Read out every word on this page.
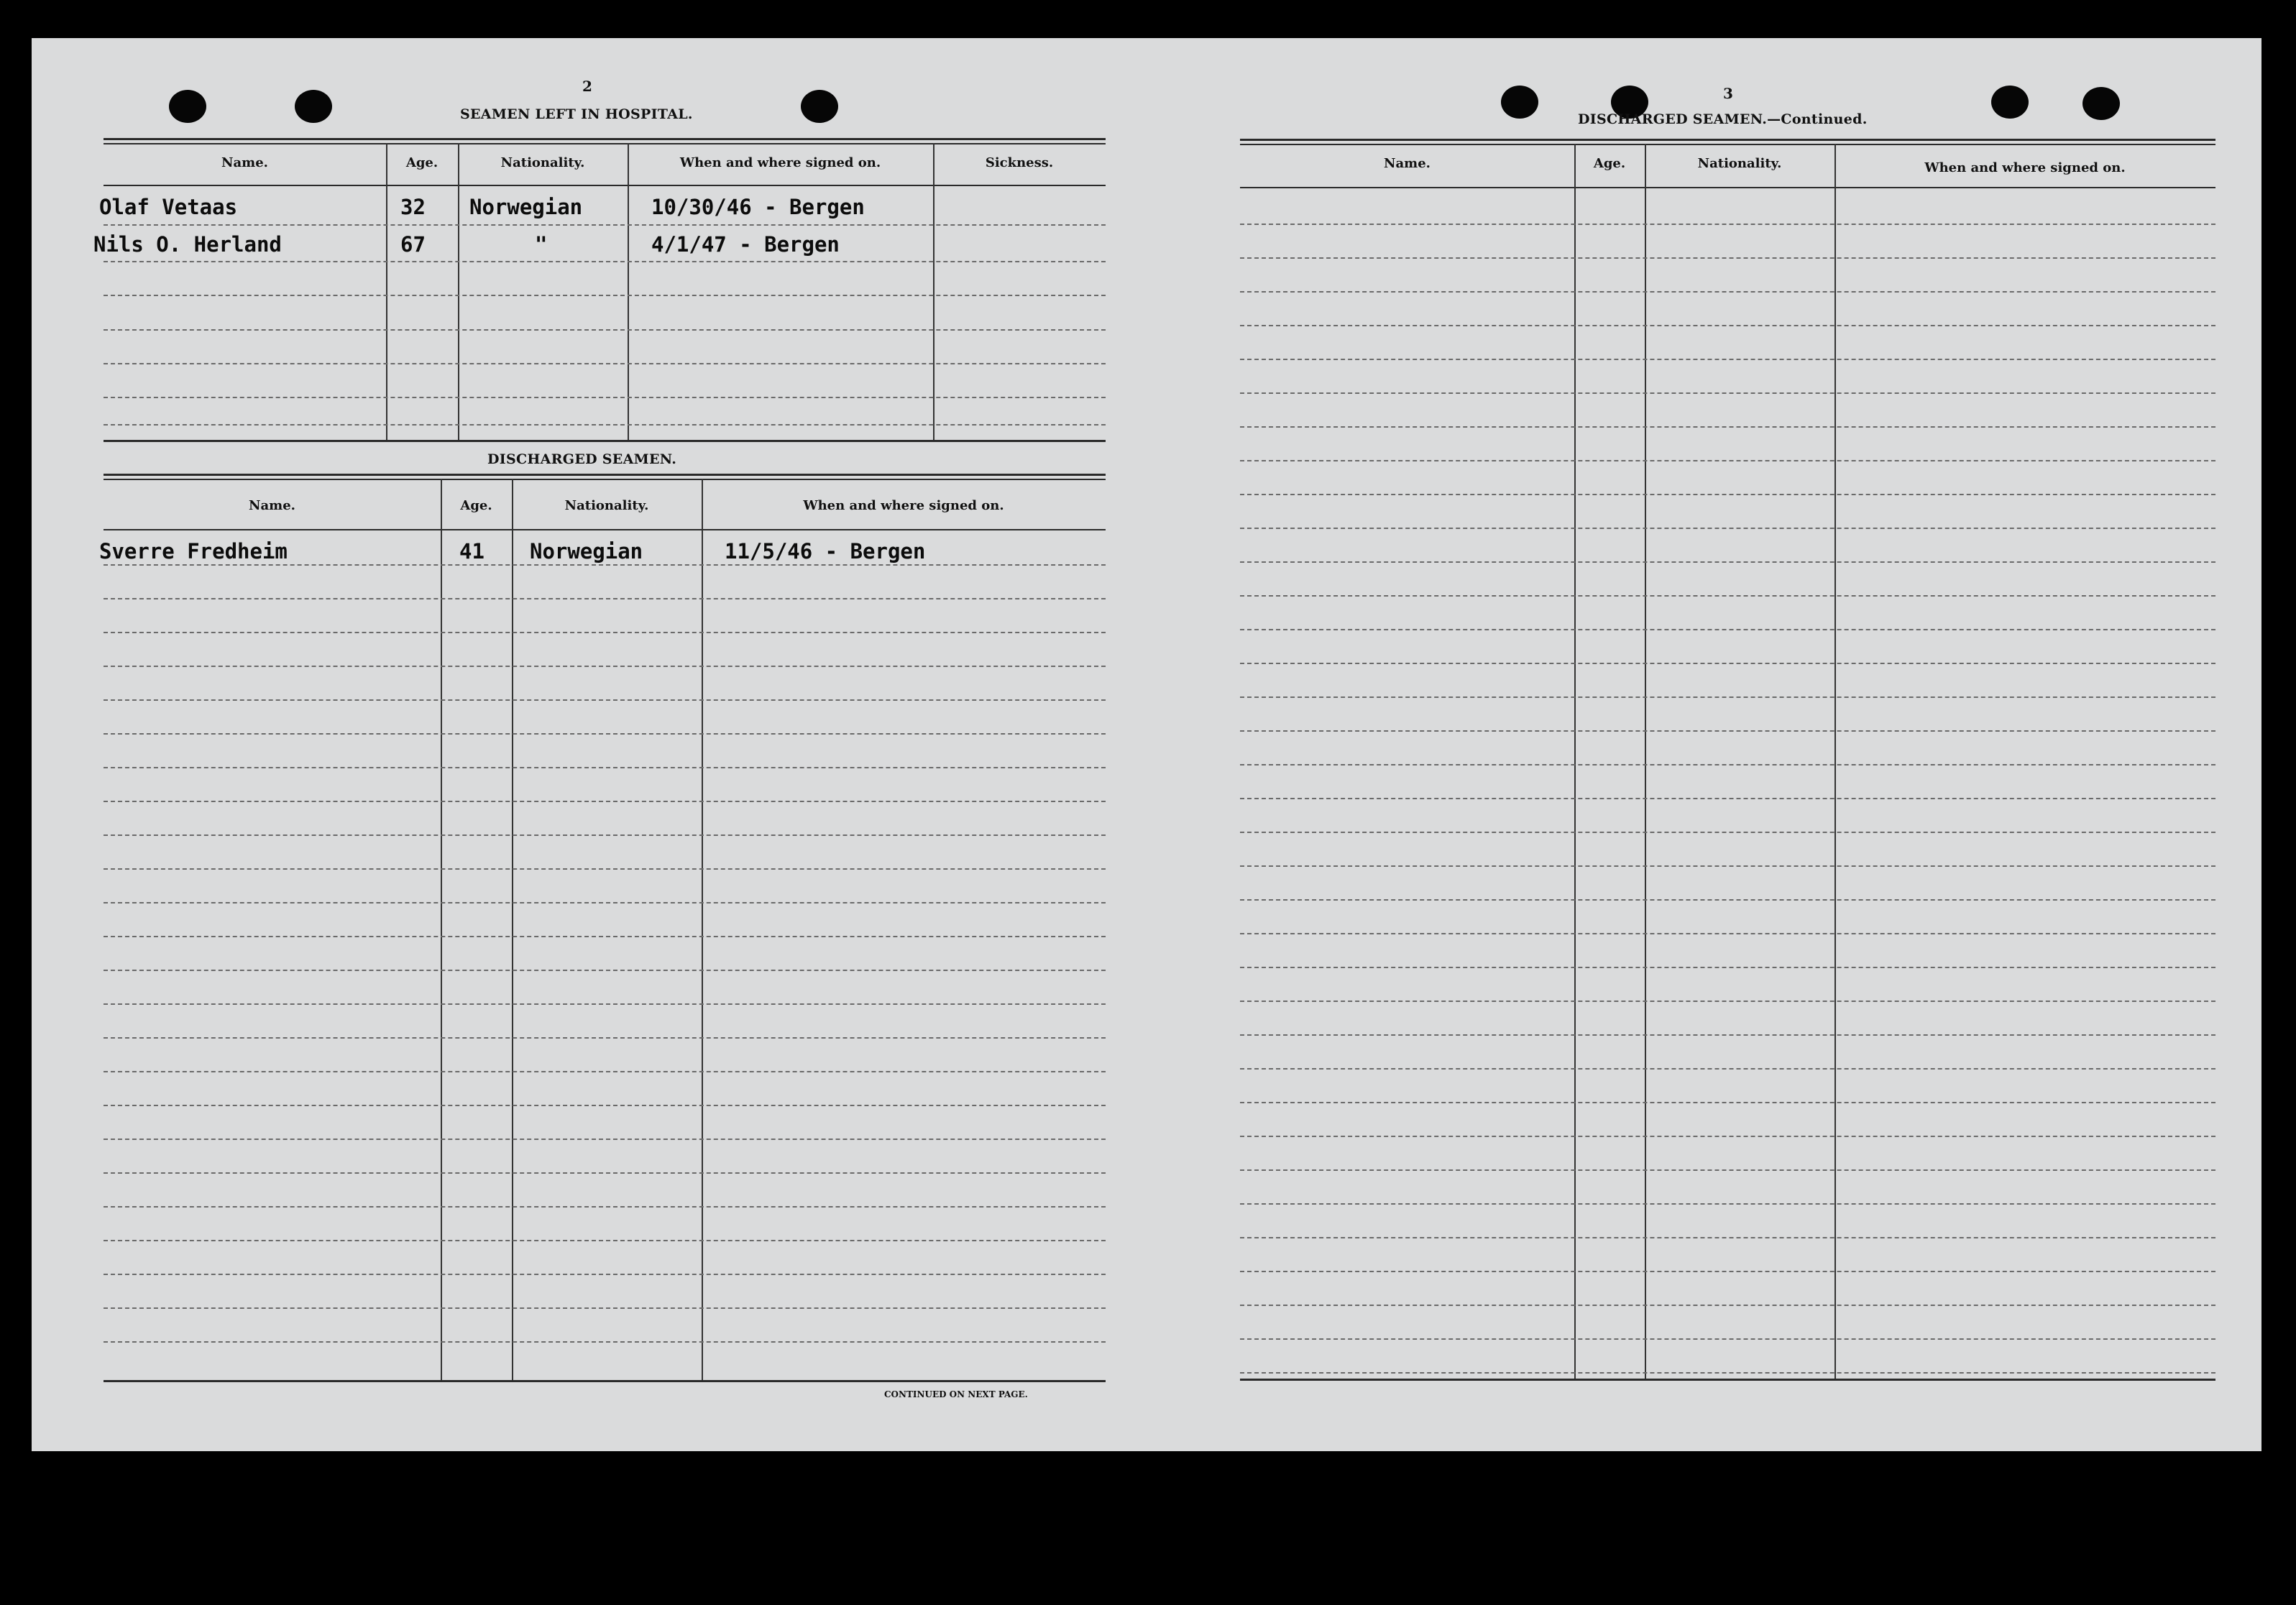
2
SEAMEN LEFT IN HOSPITAL.
Name.	Age.	Nationality.	When and where signed on.	Sickness.
Olaf Vetaas	32 Norwegian	10/30/46 - Bergen
Nils O. Herland	67	"	4/1/47 - Bergen
DISCHARGED SEAMEN.
Name.	Age.	Nationality.	When and where signed on.
Sverre Fredheim	41 Norwegian	11/5/46 - Bergen
CONTINUED ON NEXT PAGE.
3
DISCHARGED SEAMEN.—Continued.
Name.	Age.	Nationality.	When and where signed on.
